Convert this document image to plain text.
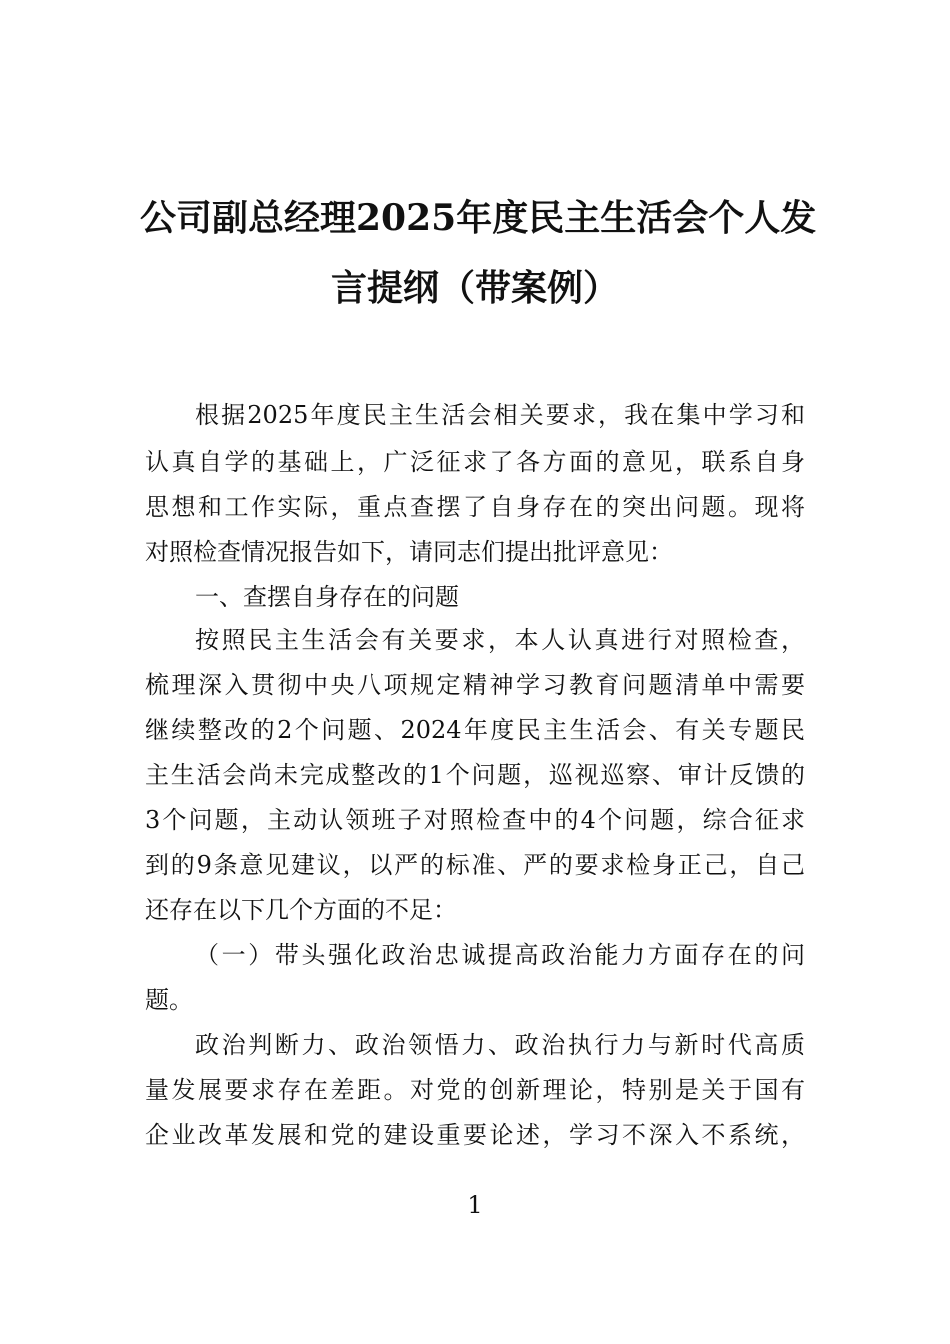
公司副总经理2025年度民主生活会个人发
言提纲（带案例）
根据2025年度民主生活会相关要求，我在集中学习和
认真自学的基础上，广泛征求了各方面的意见，联系自身
思想和工作实际，重点查摆了自身存在的突出问题。现将
对照检查情况报告如下，请同志们提出批评意见：
一、查摆自身存在的问题
按照民主生活会有关要求，本人认真进行对照检查，
梳理深入贯彻中央八项规定精神学习教育问题清单中需要
继续整改的2个问题、2024年度民主生活会、有关专题民
主生活会尚未完成整改的1个问题，巡视巡察、审计反馈的
3个问题，主动认领班子对照检查中的4个问题，综合征求
到的9条意见建议，以严的标准、严的要求检身正己，自己
还存在以下几个方面的不足：
（一）带头强化政治忠诚提高政治能力方面存在的问
题。
政治判断力、政治领悟力、政治执行力与新时代高质
量发展要求存在差距。对党的创新理论，特别是关于国有
企业改革发展和党的建设重要论述，学习不深入不系统，
1
